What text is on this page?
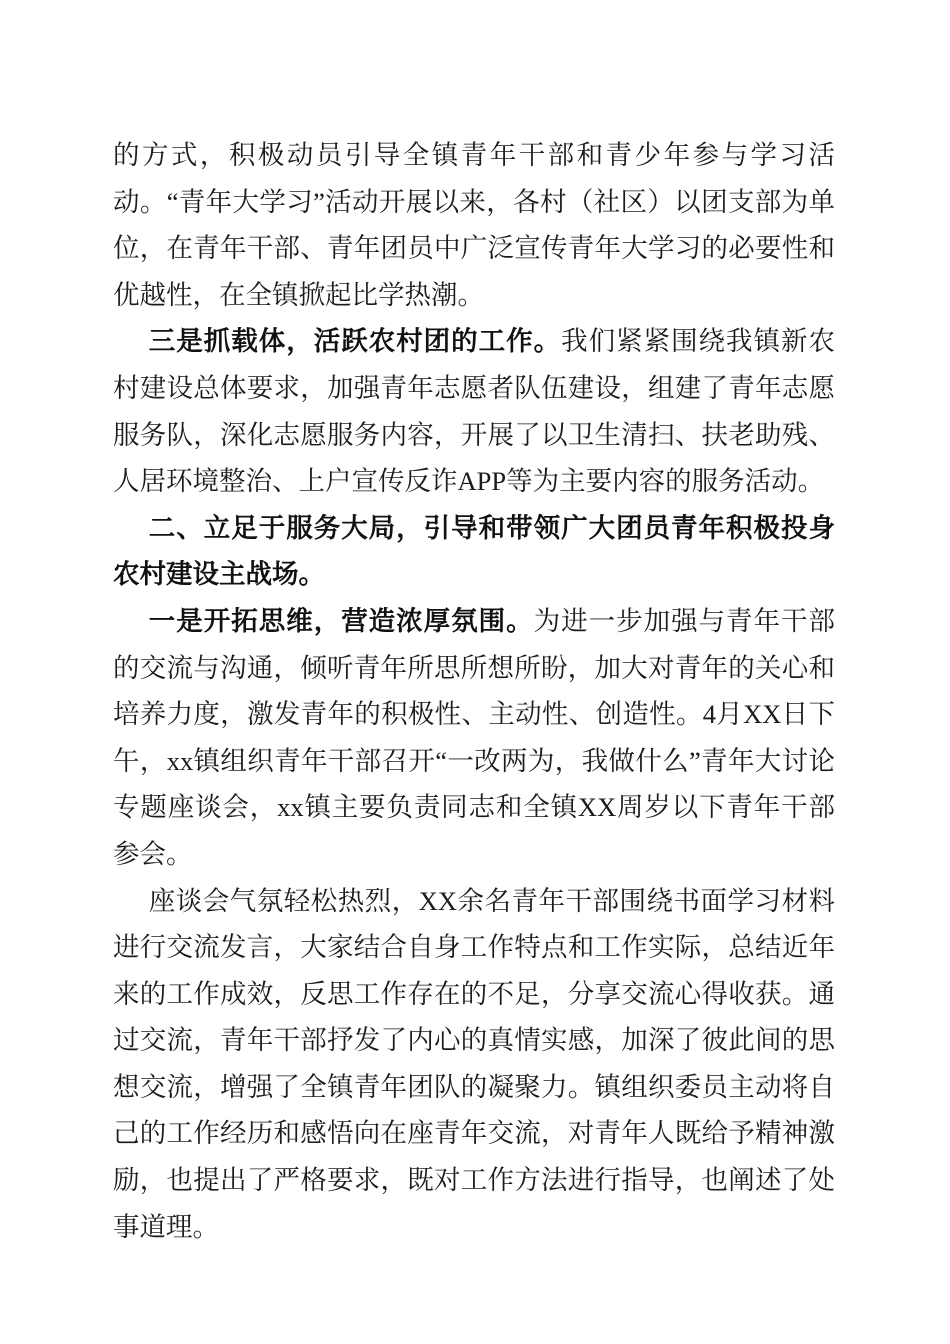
的方式，积极动员引导全镇青年干部和青少年参与学习活动。“青年大学习”活动开展以来，各村（社区）以团支部为单位，在青年干部、青年团员中广泛宣传青年大学习的必要性和优越性，在全镇掀起比学热潮。

三是抓载体，活跃农村团的工作。我们紧紧围绕我镇新农村建设总体要求，加强青年志愿者队伍建设，组建了青年志愿服务队，深化志愿服务内容，开展了以卫生清扫、扶老助残、人居环境整治、上户宣传反诈APP等为主要内容的服务活动。

二、立足于服务大局，引导和带领广大团员青年积极投身农村建设主战场。

一是开拓思维，营造浓厚氛围。为进一步加强与青年干部的交流与沟通，倾听青年所思所想所盼，加大对青年的关心和培养力度，激发青年的积极性、主动性、创造性。4月XX日下午，xx镇组织青年干部召开“一改两为，我做什么”青年大讨论专题座谈会，xx镇主要负责同志和全镇XX周岁以下青年干部参会。

座谈会气氛轻松热烈，XX余名青年干部围绕书面学习材料进行交流发言，大家结合自身工作特点和工作实际，总结近年来的工作成效，反思工作存在的不足，分享交流心得收获。通过交流，青年干部抒发了内心的真情实感，加深了彼此间的思想交流，增强了全镇青年团队的凝聚力。镇组织委员主动将自己的工作经历和感悟向在座青年交流，对青年人既给予精神激励，也提出了严格要求，既对工作方法进行指导，也阐述了处事道理。
